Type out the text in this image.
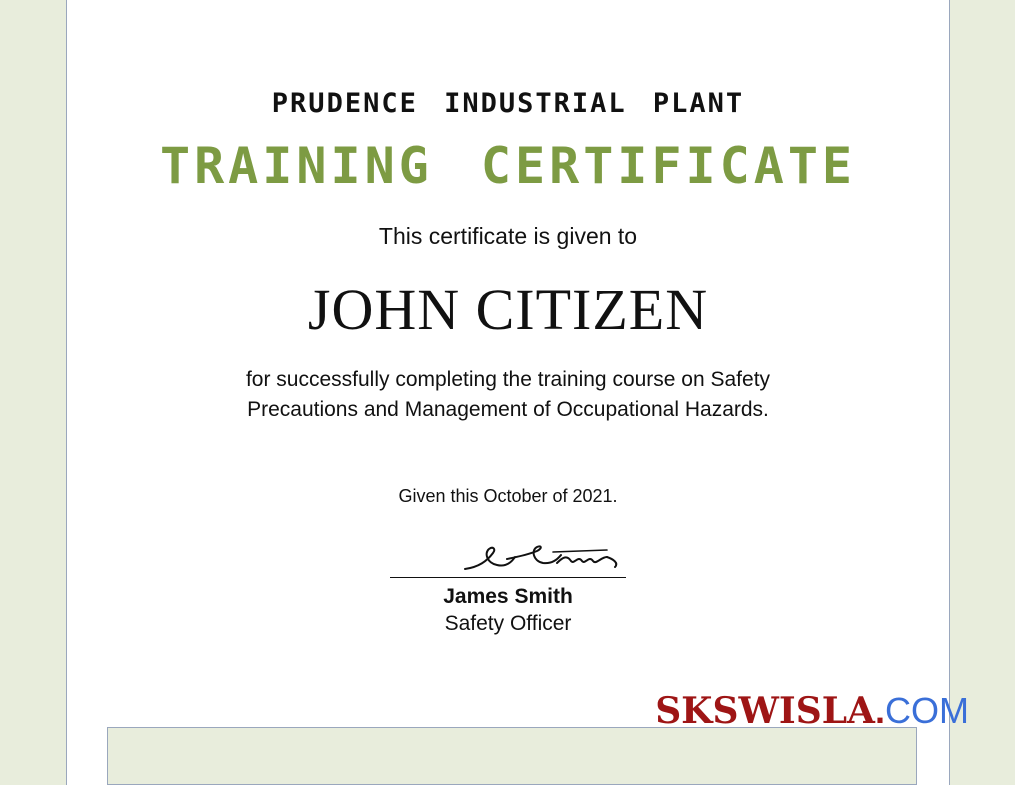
PRUDENCE INDUSTRIAL PLANT
TRAINING CERTIFICATE
This certificate is given to
JOHN CITIZEN
for successfully completing the training course on Safety Precautions and Management of Occupational Hazards.
Given this October of 2021.
James Smith
Safety Officer
SKSWISLA.COM
